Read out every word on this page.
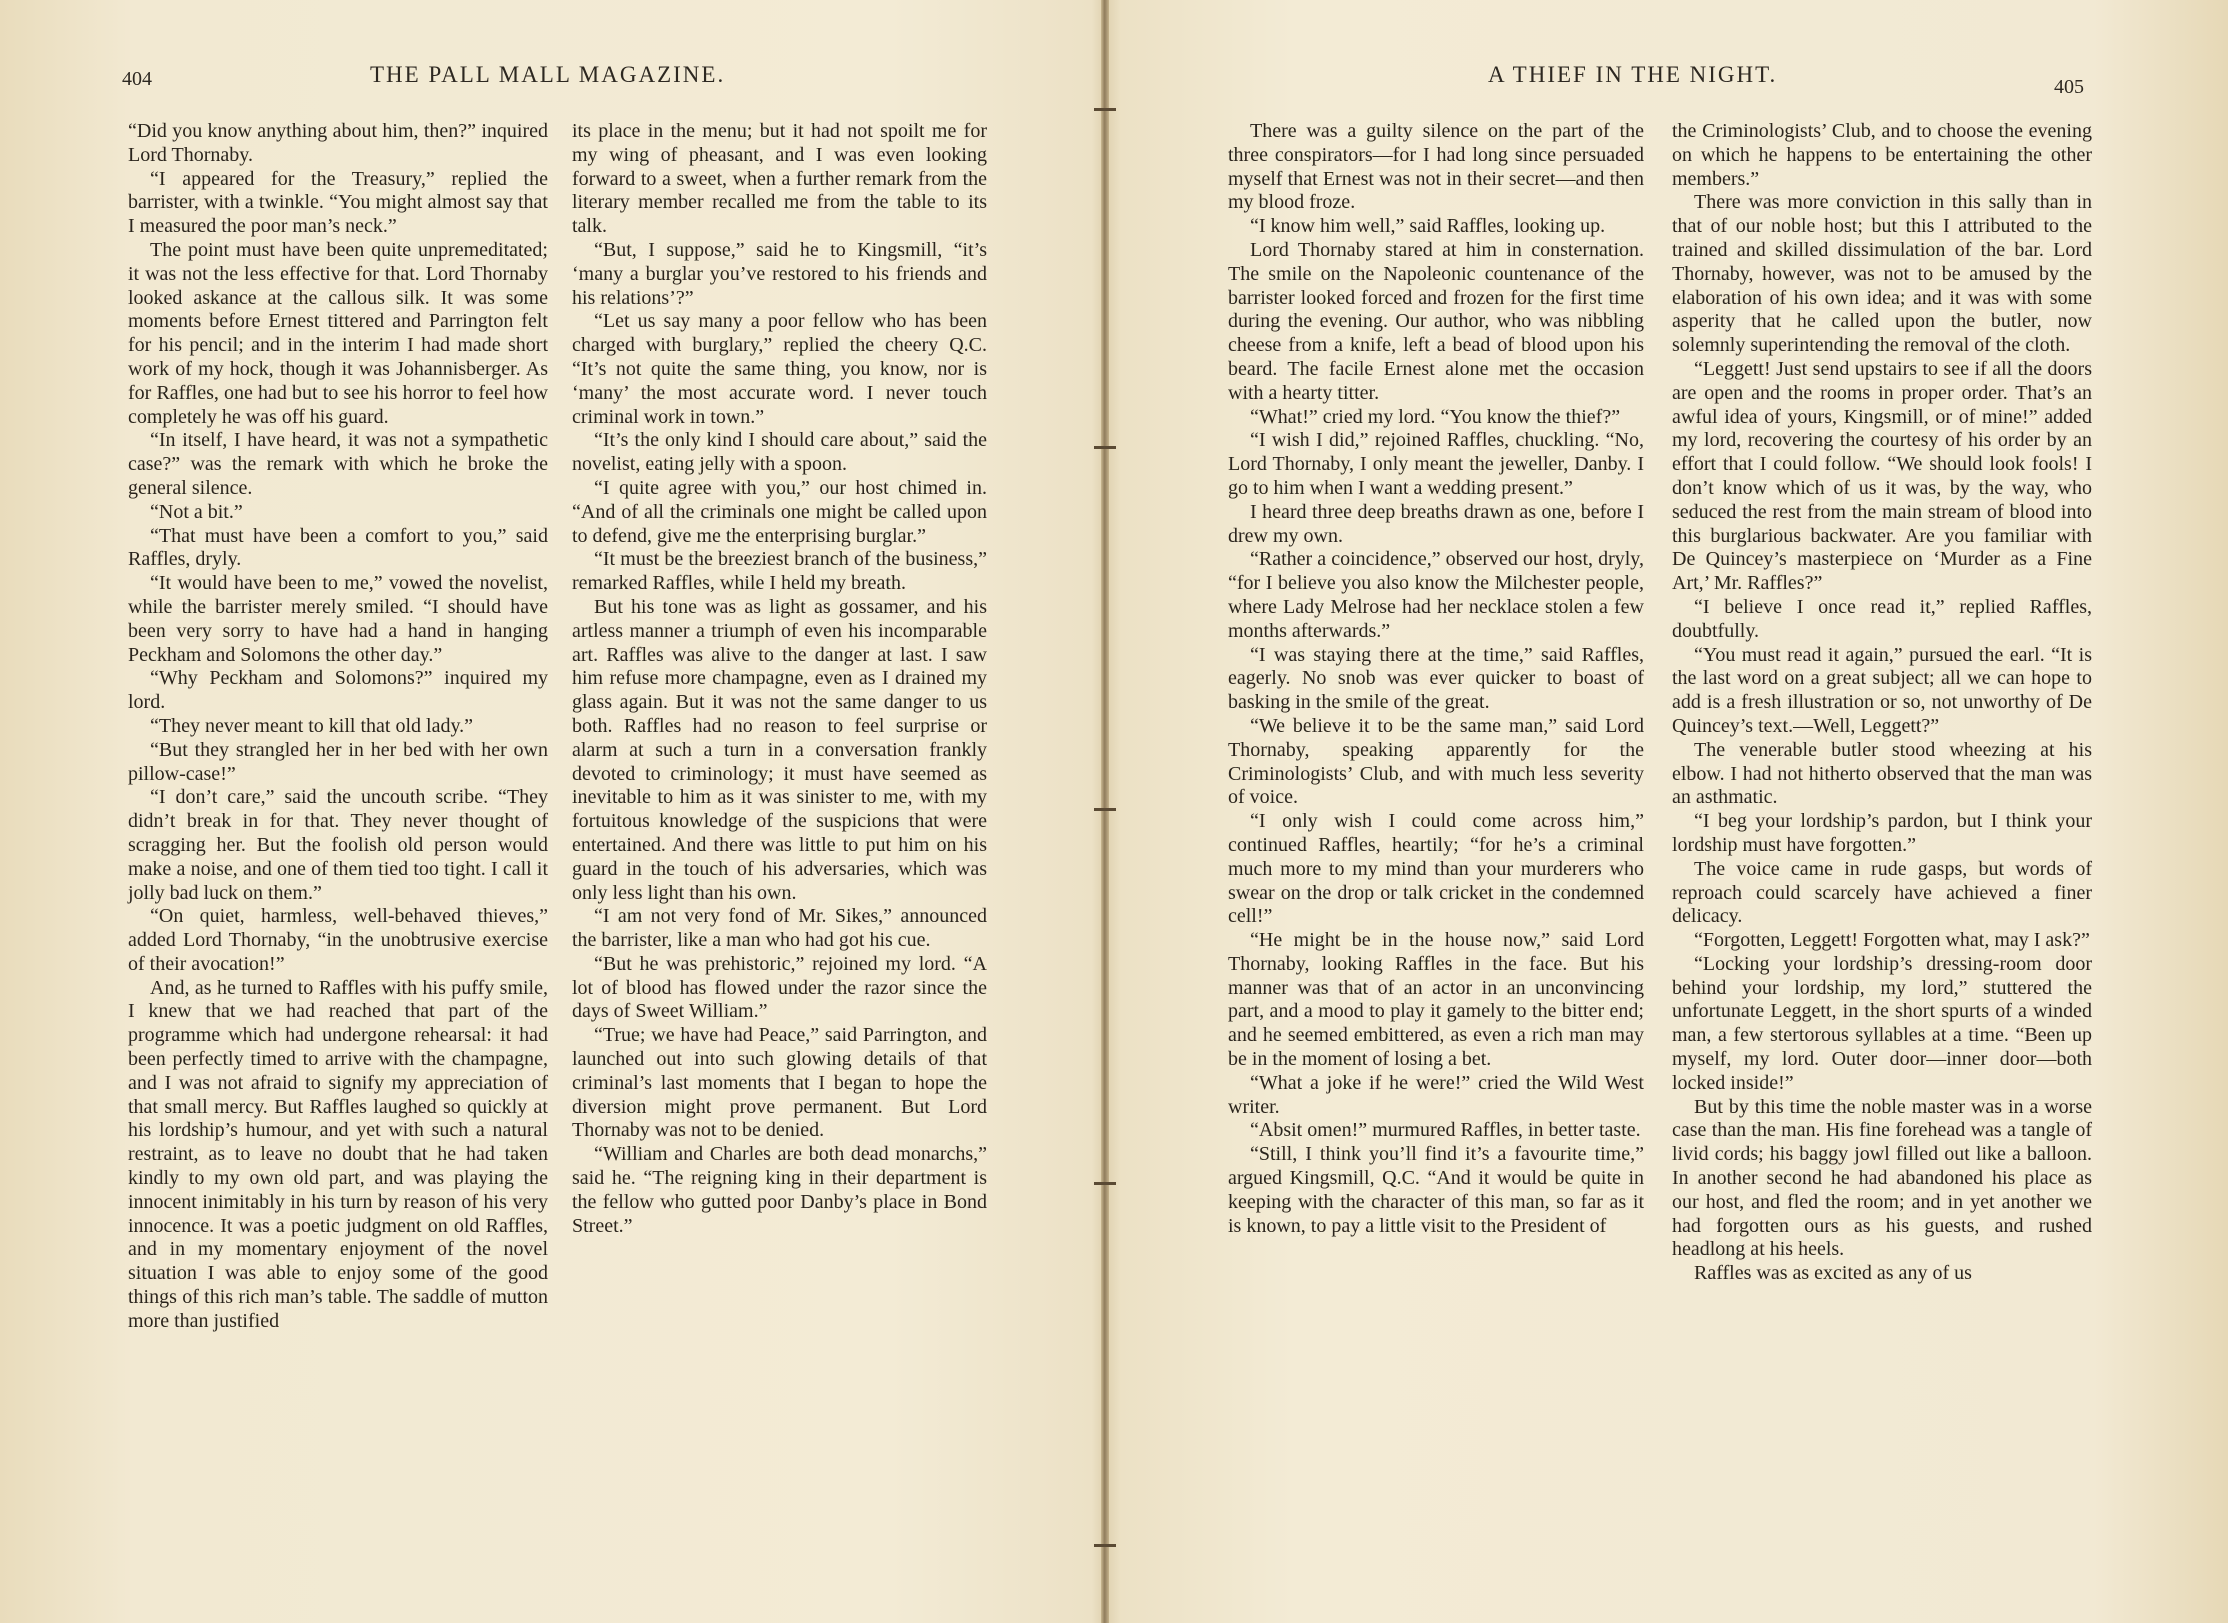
404	THE PALL MALL MAGAZINE.

“Did you know anything about him, then?” inquired Lord Thornaby.

“I appeared for the Treasury,” replied the barrister, with a twinkle. “You might almost say that I measured the poor man’s neck.”

The point must have been quite unpremeditated; it was not the less effective for that. Lord Thornaby looked askance at the callous silk. It was some moments before Ernest tittered and Parrington felt for his pencil; and in the interim I had made short work of my hock, though it was Johannisberger. As for Raffles, one had but to see his horror to feel how completely he was off his guard.

“In itself, I have heard, it was not a sympathetic case?” was the remark with which he broke the general silence.

“Not a bit.”

“That must have been a comfort to you,” said Raffles, dryly.

“It would have been to me,” vowed the novelist, while the barrister merely smiled. “I should have been very sorry to have had a hand in hanging Peckham and Solomons the other day.”

“Why Peckham and Solomons?” inquired my lord.

“They never meant to kill that old lady.”

“But they strangled her in her bed with her own pillow-case!”

“I don’t care,” said the uncouth scribe. “They didn’t break in for that. They never thought of scragging her. But the foolish old person would make a noise, and one of them tied too tight. I call it jolly bad luck on them.”

“On quiet, harmless, well-behaved thieves,” added Lord Thornaby, “in the unobtrusive exercise of their avocation!”

And, as he turned to Raffles with his puffy smile, I knew that we had reached that part of the programme which had undergone rehearsal: it had been perfectly timed to arrive with the champagne, and I was not afraid to signify my appreciation of that small mercy. But Raffles laughed so quickly at his lordship’s humour, and yet with such a natural restraint, as to leave no doubt that he had taken kindly to my own old part, and was playing the innocent inimitably in his turn by reason of his very innocence. It was a poetic judgment on old Raffles, and in my momentary enjoyment of the novel situation I was able to enjoy some of the good things of this rich man’s table. The saddle of mutton more than justified

its place in the menu; but it had not spoilt me for my wing of pheasant, and I was even looking forward to a sweet, when a further remark from the literary member recalled me from the table to its talk.

“But, I suppose,” said he to Kingsmill, “it’s ‘many a burglar you’ve restored to his friends and his relations’?”

“Let us say many a poor fellow who has been charged with burglary,” replied the cheery Q.C. “It’s not quite the same thing, you know, nor is ‘many’ the most accurate word. I never touch criminal work in town.”

“It’s the only kind I should care about,” said the novelist, eating jelly with a spoon.

“I quite agree with you,” our host chimed in. “And of all the criminals one might be called upon to defend, give me the enterprising burglar.”

“It must be the breeziest branch of the business,” remarked Raffles, while I held my breath.

But his tone was as light as gossamer, and his artless manner a triumph of even his incomparable art. Raffles was alive to the danger at last. I saw him refuse more champagne, even as I drained my glass again. But it was not the same danger to us both. Raffles had no reason to feel surprise or alarm at such a turn in a conversation frankly devoted to criminology; it must have seemed as inevitable to him as it was sinister to me, with my fortuitous knowledge of the suspicions that were entertained. And there was little to put him on his guard in the touch of his adversaries, which was only less light than his own.

“I am not very fond of Mr. Sikes,” announced the barrister, like a man who had got his cue.

“But he was prehistoric,” rejoined my lord. “A lot of blood has flowed under the razor since the days of Sweet William.”

“True; we have had Peace,” said Parrington, and launched out into such glowing details of that criminal’s last moments that I began to hope the diversion might prove permanent. But Lord Thornaby was not to be denied.

“William and Charles are both dead monarchs,” said he. “The reigning king in their department is the fellow who gutted poor Danby’s place in Bond Street.”

A THIEF IN THE NIGHT.	405

There was a guilty silence on the part of the three conspirators—for I had long since persuaded myself that Ernest was not in their secret—and then my blood froze.

“I know him well,” said Raffles, looking up.

Lord Thornaby stared at him in consternation. The smile on the Napoleonic countenance of the barrister looked forced and frozen for the first time during the evening. Our author, who was nibbling cheese from a knife, left a bead of blood upon his beard. The facile Ernest alone met the occasion with a hearty titter.

“What!” cried my lord. “You know the thief?”

“I wish I did,” rejoined Raffles, chuckling. “No, Lord Thornaby, I only meant the jeweller, Danby. I go to him when I want a wedding present.”

I heard three deep breaths drawn as one, before I drew my own.

“Rather a coincidence,” observed our host, dryly, “for I believe you also know the Milchester people, where Lady Melrose had her necklace stolen a few months afterwards.”

“I was staying there at the time,” said Raffles, eagerly. No snob was ever quicker to boast of basking in the smile of the great.

“We believe it to be the same man,” said Lord Thornaby, speaking apparently for the Criminologists’ Club, and with much less severity of voice.

“I only wish I could come across him,” continued Raffles, heartily; “for he’s a criminal much more to my mind than your murderers who swear on the drop or talk cricket in the condemned cell!”

“He might be in the house now,” said Lord Thornaby, looking Raffles in the face. But his manner was that of an actor in an unconvincing part, and a mood to play it gamely to the bitter end; and he seemed embittered, as even a rich man may be in the moment of losing a bet.

“What a joke if he were!” cried the Wild West writer.

“Absit omen!” murmured Raffles, in better taste.

“Still, I think you’ll find it’s a favourite time,” argued Kingsmill, Q.C. “And it would be quite in keeping with the character of this man, so far as it is known, to pay a little visit to the President of

the Criminologists’ Club, and to choose the evening on which he happens to be entertaining the other members.”

There was more conviction in this sally than in that of our noble host; but this I attributed to the trained and skilled dissimulation of the bar. Lord Thornaby, however, was not to be amused by the elaboration of his own idea; and it was with some asperity that he called upon the butler, now solemnly superintending the removal of the cloth.

“Leggett! Just send upstairs to see if all the doors are open and the rooms in proper order. That’s an awful idea of yours, Kingsmill, or of mine!” added my lord, recovering the courtesy of his order by an effort that I could follow. “We should look fools! I don’t know which of us it was, by the way, who seduced the rest from the main stream of blood into this burglarious backwater. Are you familiar with De Quincey’s masterpiece on ‘Murder as a Fine Art,’ Mr. Raffles?”

“I believe I once read it,” replied Raffles, doubtfully.

“You must read it again,” pursued the earl. “It is the last word on a great subject; all we can hope to add is a fresh illustration or so, not unworthy of De Quincey’s text.—Well, Leggett?”

The venerable butler stood wheezing at his elbow. I had not hitherto observed that the man was an asthmatic.

“I beg your lordship’s pardon, but I think your lordship must have forgotten.”

The voice came in rude gasps, but words of reproach could scarcely have achieved a finer delicacy.

“Forgotten, Leggett! Forgotten what, may I ask?”

“Locking your lordship’s dressing-room door behind your lordship, my lord,” stuttered the unfortunate Leggett, in the short spurts of a winded man, a few stertorous syllables at a time. “Been up myself, my lord. Outer door—inner door—both locked inside!”

But by this time the noble master was in a worse case than the man. His fine forehead was a tangle of livid cords; his baggy jowl filled out like a balloon. In another second he had abandoned his place as our host, and fled the room; and in yet another we had forgotten ours as his guests, and rushed headlong at his heels.

Raffles was as excited as any of us
